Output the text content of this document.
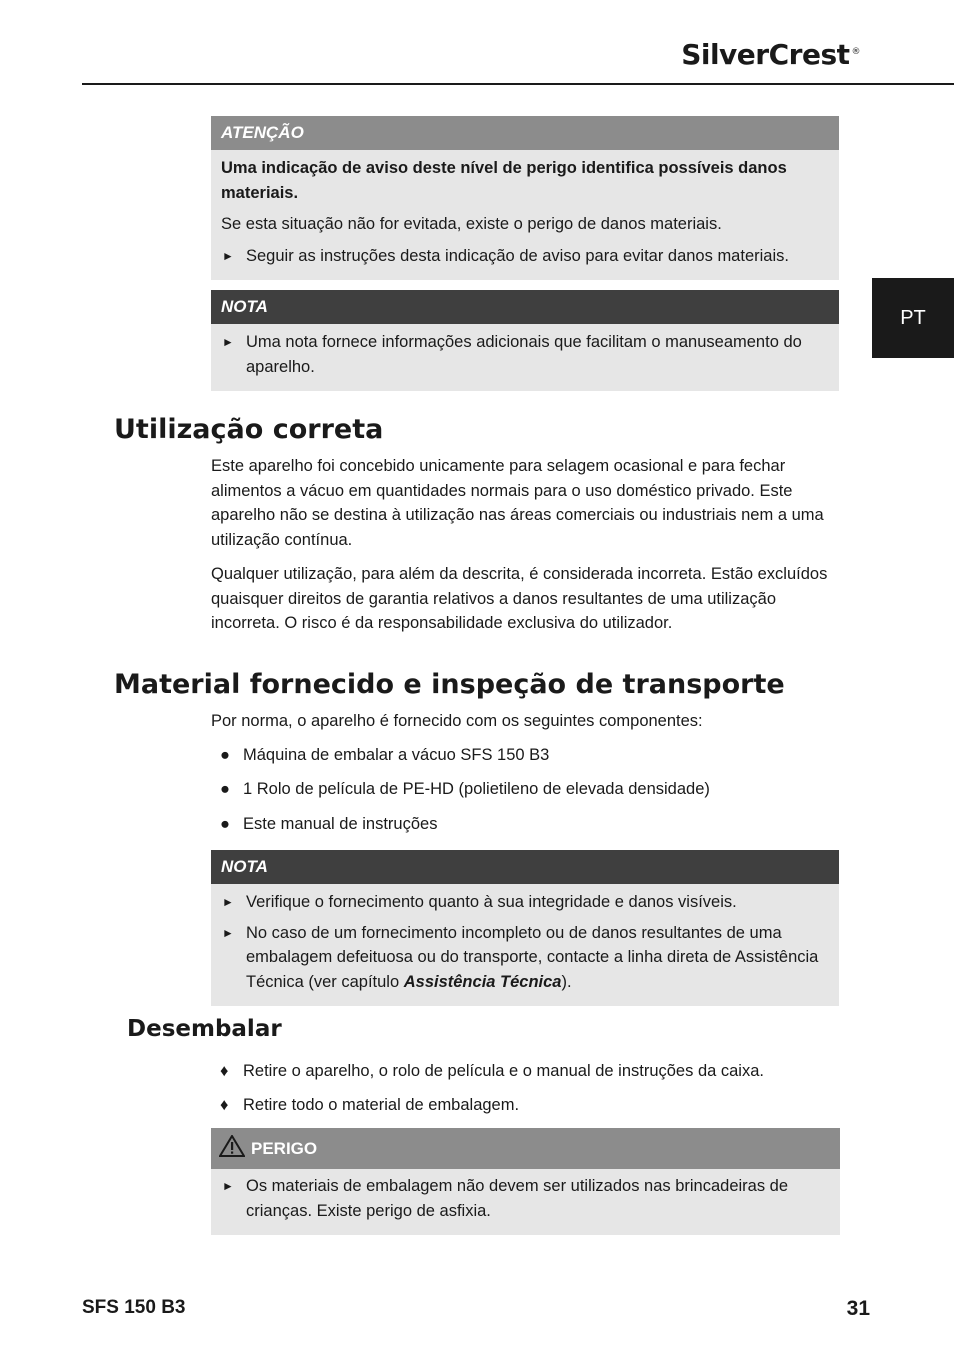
SilverCrest ®
PT
ATENÇÃO

Uma indicação de aviso deste nível de perigo identifica possíveis danos materiais.

Se esta situação não for evitada, existe o perigo de danos materiais.

► Seguir as instruções desta indicação de aviso para evitar danos materiais.
NOTA
► Uma nota fornece informações adicionais que facilitam o manuseamento do aparelho.
Utilização correta

Este aparelho foi concebido unicamente para selagem ocasional e para fechar alimentos a vácuo em quantidades normais para o uso doméstico privado. Este aparelho não se destina à utilização nas áreas comerciais ou industriais nem a uma utilização contínua.

Qualquer utilização, para além da descrita, é considerada incorreta. Estão excluídos quaisquer direitos de garantia relativos a danos resultantes de uma utilização incorreta. O risco é da responsabilidade exclusiva do utilizador.

Material fornecido e inspeção de transporte
Por norma, o aparelho é fornecido com os seguintes componentes:
● Máquina de embalar a vácuo SFS 150 B3
● 1 Rolo de película de PE-HD (polietileno de elevada densidade)
● Este manual de instruções
NOTA
► Verifique o fornecimento quanto à sua integridade e danos visíveis.
► No caso de um fornecimento incompleto ou de danos resultantes de uma embalagem defeituosa ou do transporte, contacte a linha direta de Assistência Técnica (ver capítulo Assistência Técnica).
Desembalar
♦ Retire o aparelho, o rolo de película e o manual de instruções da caixa.
♦ Retire todo o material de embalagem.
PERIGO
► Os materiais de embalagem não devem ser utilizados nas brincadeiras de crianças. Existe perigo de asfixia.
SFS 150 B3	31
